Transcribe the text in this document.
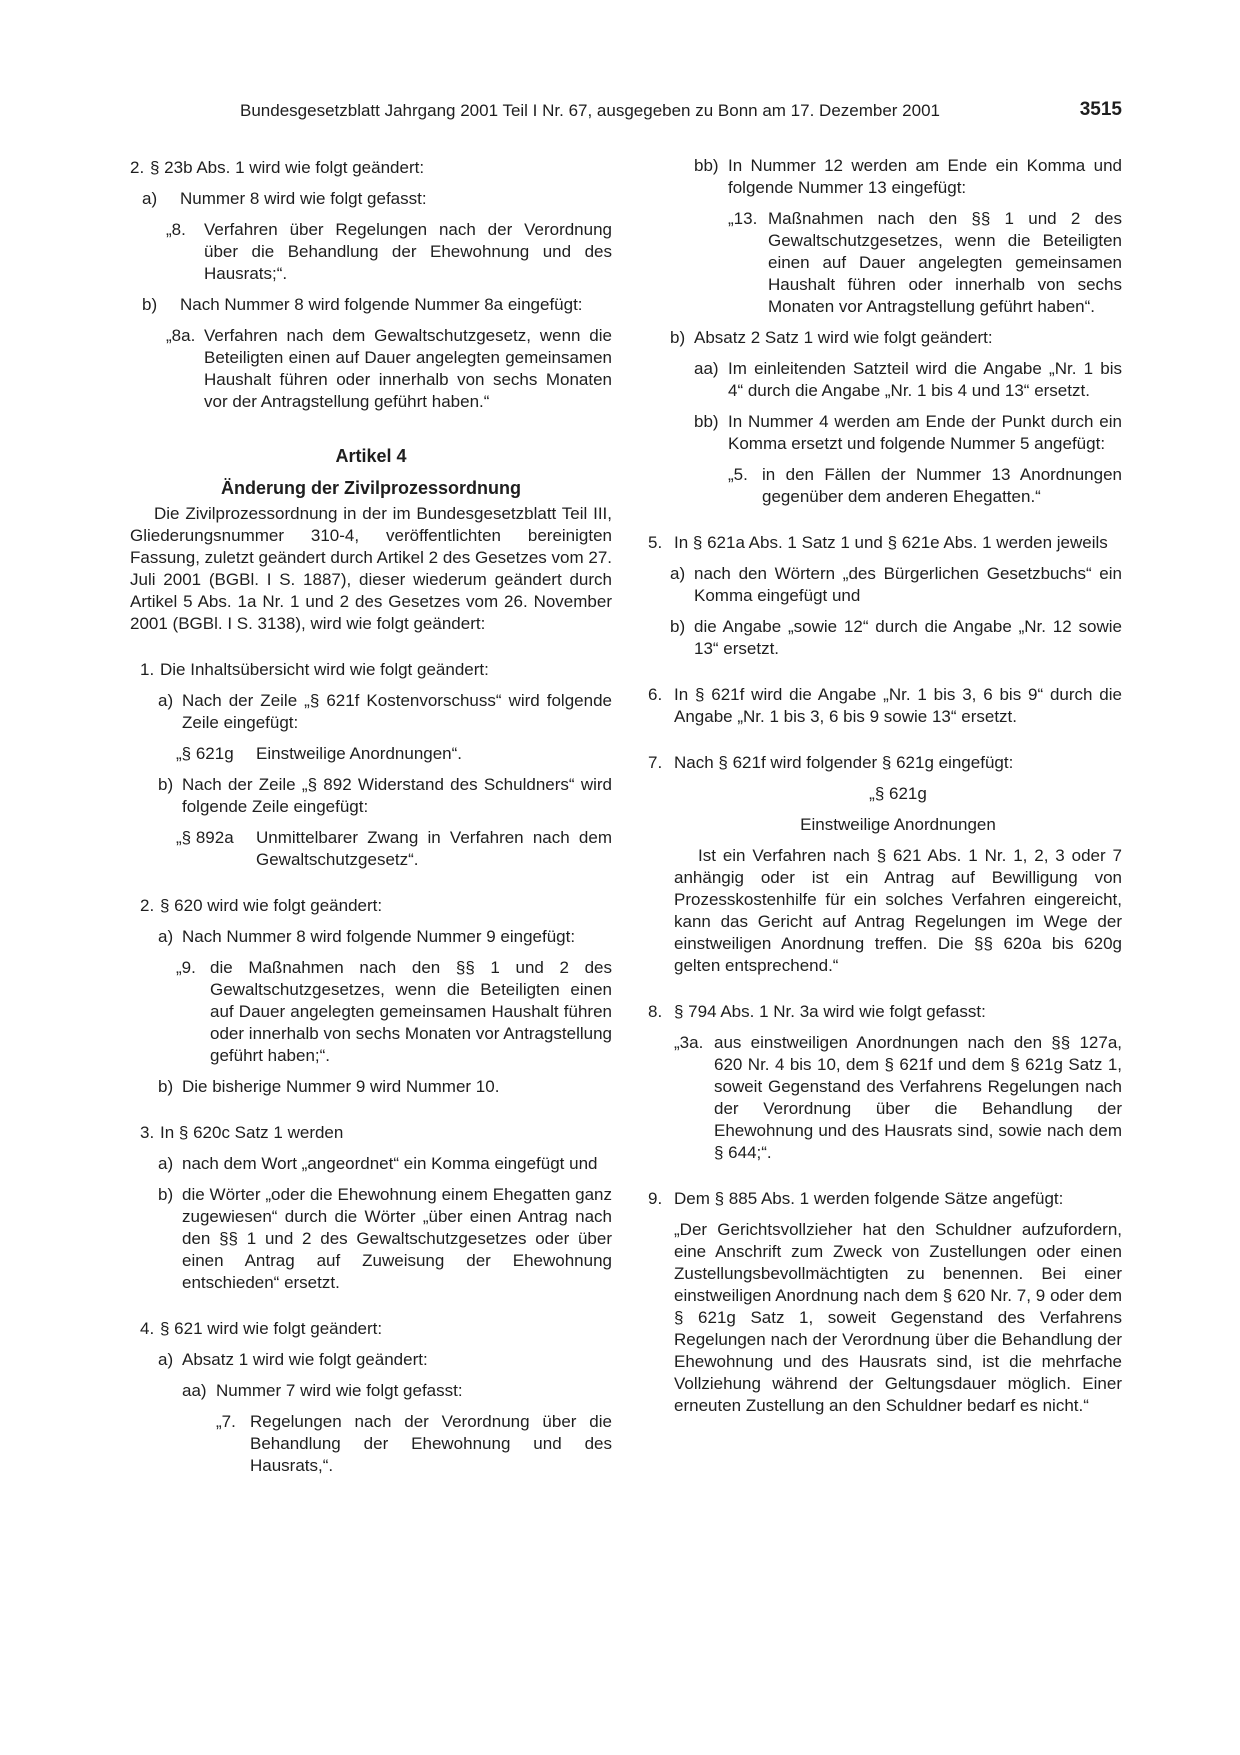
Bundesgesetzblatt Jahrgang 2001 Teil I Nr. 67, ausgegeben zu Bonn am 17. Dezember 2001	3515
2. § 23b Abs. 1 wird wie folgt geändert:
a) Nummer 8 wird wie folgt gefasst:
„8. Verfahren über Regelungen nach der Verordnung über die Behandlung der Ehewohnung und des Hausrats;“.
b) Nach Nummer 8 wird folgende Nummer 8a eingefügt:
„8a. Verfahren nach dem Gewaltschutzgesetz, wenn die Beteiligten einen auf Dauer angelegten gemeinsamen Haushalt führen oder innerhalb von sechs Monaten vor der Antragstellung geführt haben.“
Artikel 4
Änderung der Zivilprozessordnung
Die Zivilprozessordnung in der im Bundesgesetzblatt Teil III, Gliederungsnummer 310-4, veröffentlichten bereinigten Fassung, zuletzt geändert durch Artikel 2 des Gesetzes vom 27. Juli 2001 (BGBl. I S. 1887), dieser wiederum geändert durch Artikel 5 Abs. 1a Nr. 1 und 2 des Gesetzes vom 26. November 2001 (BGBl. I S. 3138), wird wie folgt geändert:
1. Die Inhaltsübersicht wird wie folgt geändert:
a) Nach der Zeile „§ 621f Kostenvorschuss“ wird folgende Zeile eingefügt:
„§ 621g Einstweilige Anordnungen“.
b) Nach der Zeile „§ 892 Widerstand des Schuldners“ wird folgende Zeile eingefügt:
„§ 892a Unmittelbarer Zwang in Verfahren nach dem Gewaltschutzgesetz“.
2. § 620 wird wie folgt geändert:
a) Nach Nummer 8 wird folgende Nummer 9 eingefügt:
„9. die Maßnahmen nach den §§ 1 und 2 des Gewaltschutzgesetzes, wenn die Beteiligten einen auf Dauer angelegten gemeinsamen Haushalt führen oder innerhalb von sechs Monaten vor Antragstellung geführt haben;“.
b) Die bisherige Nummer 9 wird Nummer 10.
3. In § 620c Satz 1 werden
a) nach dem Wort „angeordnet“ ein Komma eingefügt und
b) die Wörter „oder die Ehewohnung einem Ehegatten ganz zugewiesen“ durch die Wörter „über einen Antrag nach den §§ 1 und 2 des Gewaltschutzgesetzes oder über einen Antrag auf Zuweisung der Ehewohnung entschieden“ ersetzt.
4. § 621 wird wie folgt geändert:
a) Absatz 1 wird wie folgt geändert:
aa) Nummer 7 wird wie folgt gefasst:
„7. Regelungen nach der Verordnung über die Behandlung der Ehewohnung und des Hausrats,“.
bb) In Nummer 12 werden am Ende ein Komma und folgende Nummer 13 eingefügt:
„13. Maßnahmen nach den §§ 1 und 2 des Gewaltschutzgesetzes, wenn die Beteiligten einen auf Dauer angelegten gemeinsamen Haushalt führen oder innerhalb von sechs Monaten vor Antragstellung geführt haben“.
b) Absatz 2 Satz 1 wird wie folgt geändert:
aa) Im einleitenden Satzteil wird die Angabe „Nr. 1 bis 4“ durch die Angabe „Nr. 1 bis 4 und 13“ ersetzt.
bb) In Nummer 4 werden am Ende der Punkt durch ein Komma ersetzt und folgende Nummer 5 angefügt:
„5. in den Fällen der Nummer 13 Anordnungen gegenüber dem anderen Ehegatten.“
5. In § 621a Abs. 1 Satz 1 und § 621e Abs. 1 werden jeweils
a) nach den Wörtern „des Bürgerlichen Gesetzbuchs“ ein Komma eingefügt und
b) die Angabe „sowie 12“ durch die Angabe „Nr. 12 sowie 13“ ersetzt.
6. In § 621f wird die Angabe „Nr. 1 bis 3, 6 bis 9“ durch die Angabe „Nr. 1 bis 3, 6 bis 9 sowie 13“ ersetzt.
7. Nach § 621f wird folgender § 621g eingefügt:
„§ 621g
Einstweilige Anordnungen
Ist ein Verfahren nach § 621 Abs. 1 Nr. 1, 2, 3 oder 7 anhängig oder ist ein Antrag auf Bewilligung von Prozesskostenhilfe für ein solches Verfahren eingereicht, kann das Gericht auf Antrag Regelungen im Wege der einstweiligen Anordnung treffen. Die §§ 620a bis 620g gelten entsprechend.“
8. § 794 Abs. 1 Nr. 3a wird wie folgt gefasst:
„3a. aus einstweiligen Anordnungen nach den §§ 127a, 620 Nr. 4 bis 10, dem § 621f und dem § 621g Satz 1, soweit Gegenstand des Verfahrens Regelungen nach der Verordnung über die Behandlung der Ehewohnung und des Hausrats sind, sowie nach dem § 644;“.
9. Dem § 885 Abs. 1 werden folgende Sätze angefügt:
„Der Gerichtsvollzieher hat den Schuldner aufzufordern, eine Anschrift zum Zweck von Zustellungen oder einen Zustellungsbevollmächtigten zu benennen. Bei einer einstweiligen Anordnung nach dem § 620 Nr. 7, 9 oder dem § 621g Satz 1, soweit Gegenstand des Verfahrens Regelungen nach der Verordnung über die Behandlung der Ehewohnung und des Hausrats sind, ist die mehrfache Vollziehung während der Geltungsdauer möglich. Einer erneuten Zustellung an den Schuldner bedarf es nicht.“
